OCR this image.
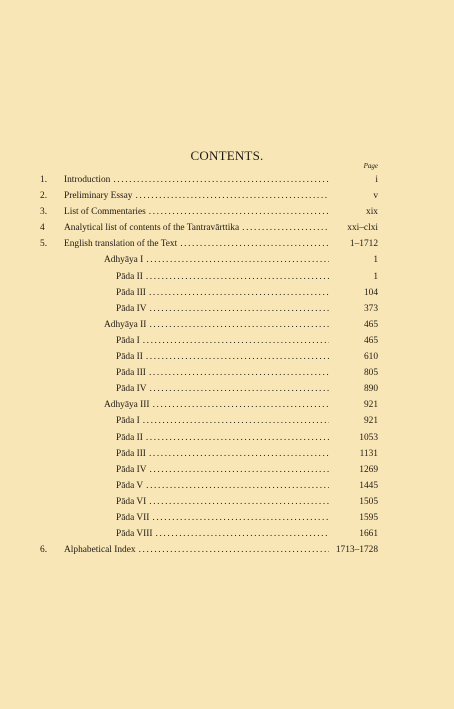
CONTENTS.
Page
1.	Introduction .....	i
2.	Preliminary Essay .....	v
3.	List of Commentaries .....	xix
4	Analytical list of contents of the Tantravārttika .....	xxi–clxi
5.	English translation of the Text .....	1–1712
Adhyāya I .....	1
Pāda II .....	1
Pāda III .....	104
Pāda IV .....	373
Adhyāya II .....	465
Pāda I .....	465
Pāda II .....	610
Pāda III .....	805
Pāda IV .....	890
Adhyāya III .....	921
Pāda I .....	921
Pāda II .....	1053
Pāda III .....	1131
Pāda IV .....	1269
Pāda V .....	1445
Pāda VI .....	1505
Pāda VII .....	1595
Pāda VIII .....	1661
6.	Alphabetical Index .....	1713–1728
